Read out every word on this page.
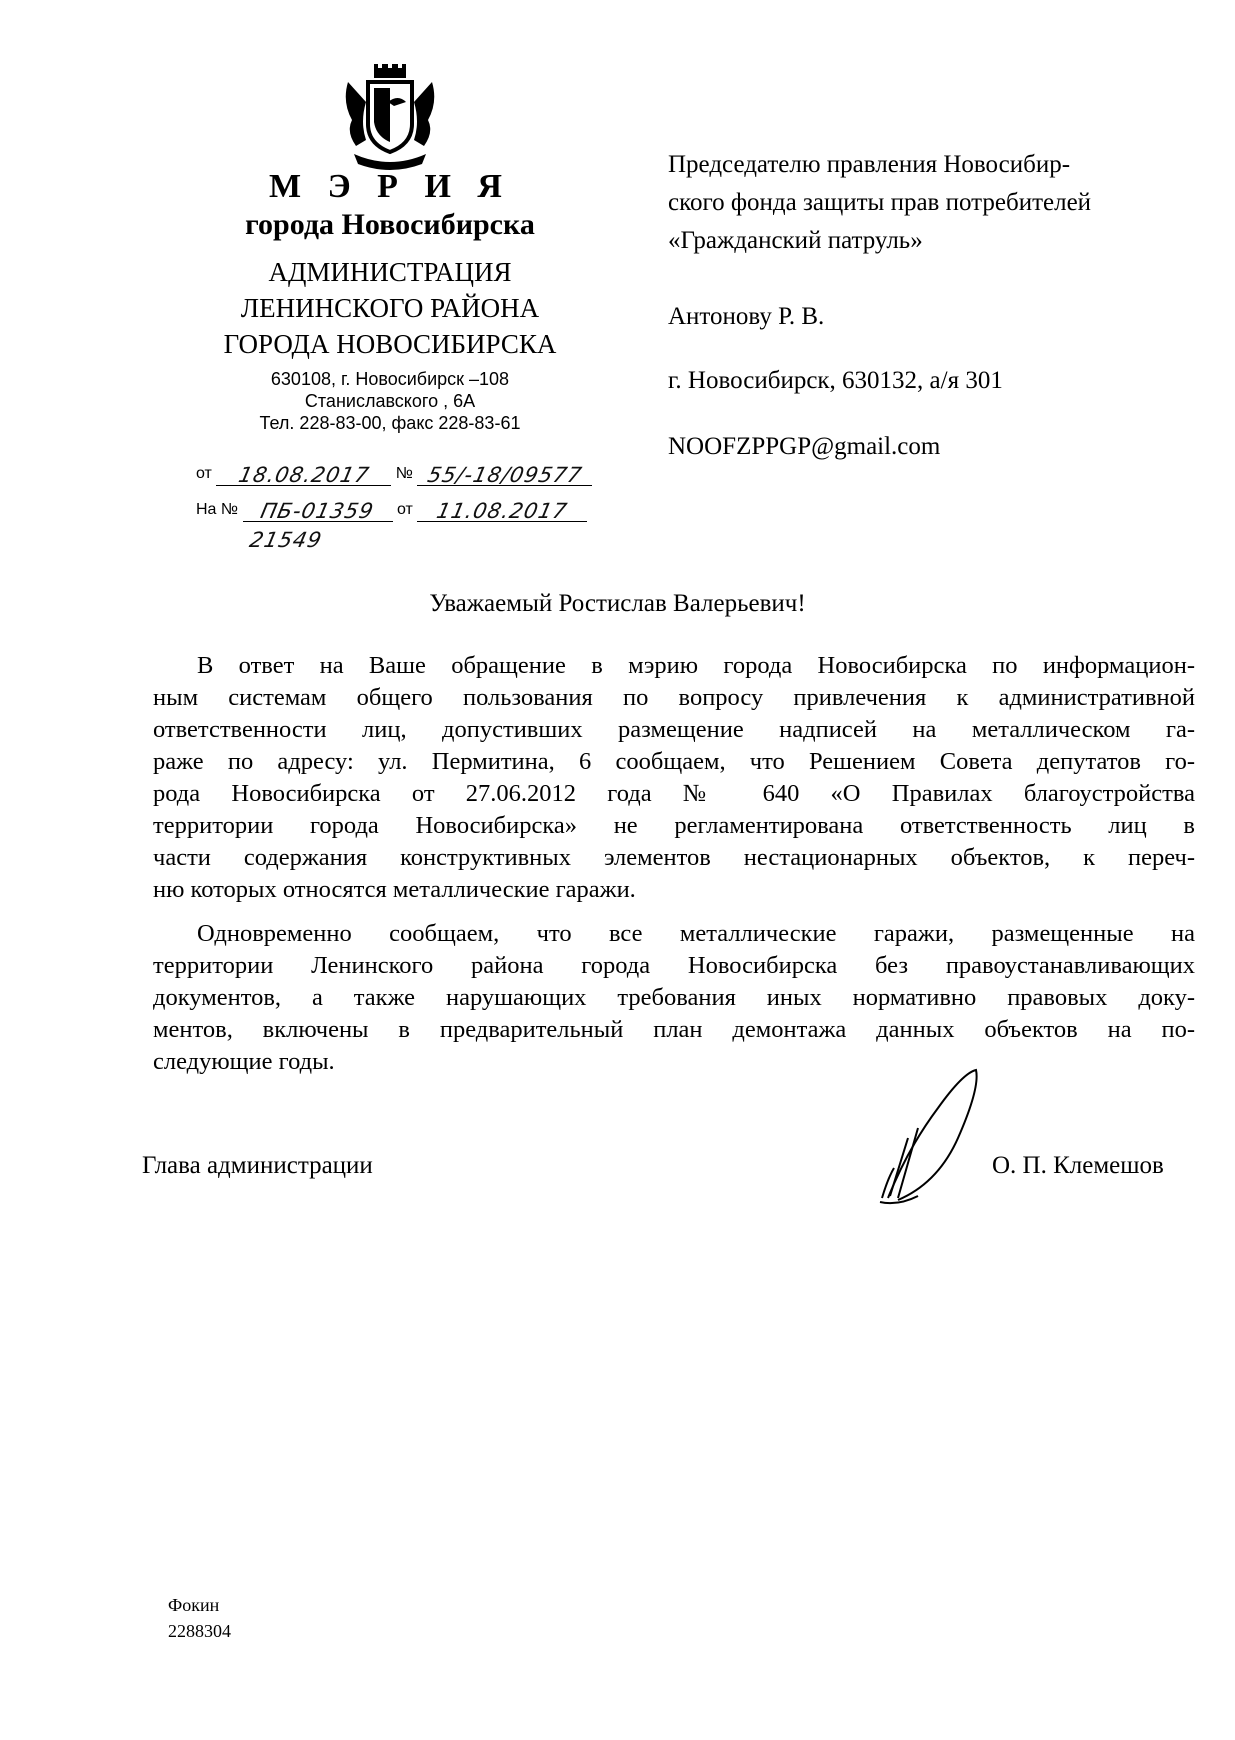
М Э Р И Я
города Новосибирска
АДМИНИСТРАЦИЯ
ЛЕНИНСКОГО РАЙОНА
ГОРОДА НОВОСИБИРСКА
630108, г. Новосибирск –108
Станиславского , 6А
Тел. 228-83-00, факс 228-83-61
от 18.08.2017 № 55/-18/09577
На № ПБ-01359 от 11.08.2017
21549
Председателю правления Новосибир-
ского фонда защиты прав потребителей
«Гражданский патруль»
Антонову Р. В.
г. Новосибирск, 630132, а/я 301
NOOFZPPGP@gmail.com
Уважаемый Ростислав Валерьевич!
В ответ на Ваше обращение в мэрию города Новосибирска по информацион-
ным системам общего пользования по вопросу привлечения к административной
ответственности лиц, допустивших размещение надписей на металлическом га-
раже по адресу: ул. Пермитина, 6 сообщаем, что Решением Совета депутатов го-
рода Новосибирска от 27.06.2012 года № 640 «О Правилах благоустройства
территории города Новосибирска» не регламентирована ответственность лиц в
части содержания конструктивных элементов нестационарных объектов, к переч-
ню которых относятся металлические гаражи.
Одновременно сообщаем, что все металлические гаражи, размещенные на
территории Ленинского района города Новосибирска без правоустанавливающих
документов, а также нарушающих требования иных нормативно правовых доку-
ментов, включены в предварительный план демонтажа данных объектов на по-
следующие годы.
Глава администрации	О. П. Клемешов
Фокин
2288304
